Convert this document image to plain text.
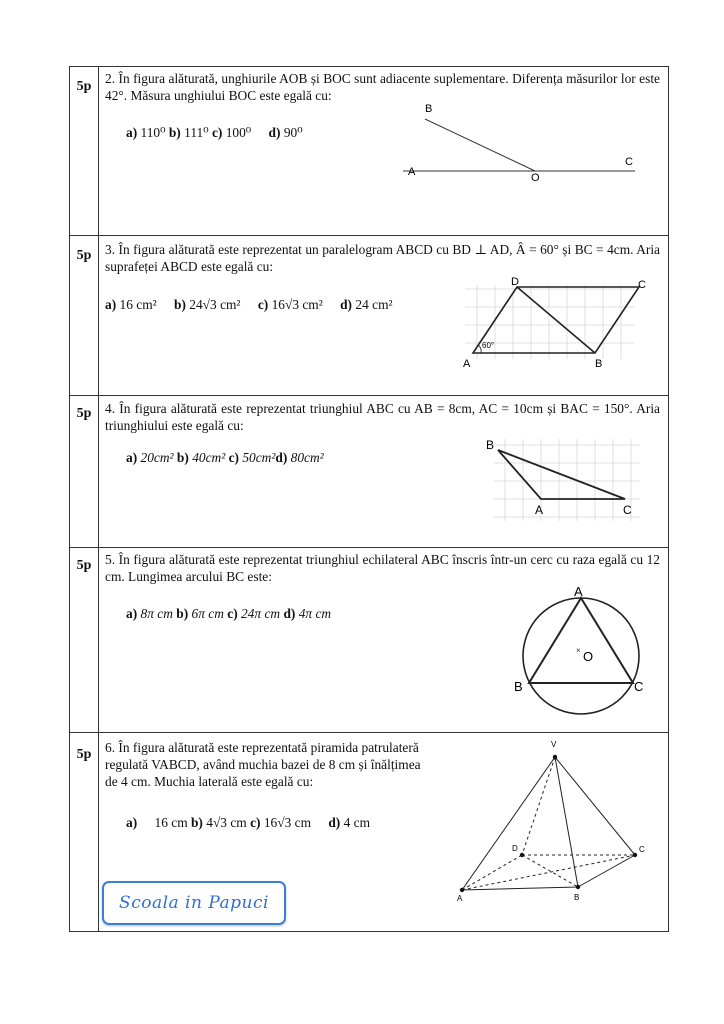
5p
2. În figura alăturată, unghiurile AOB și BOC sunt adiacente suplementare. Diferența măsurilor lor este 42°. Măsura unghiului BOC este egală cu:
a) 110⁰ b) 111⁰ c) 100⁰ d) 90⁰
B
A	O
C
5p	3. În figura alăturată este reprezentat un paralelogram ABCD cu BD ⊥ AD, Â = 60° și BC = 4cm. Aria suprafeței ABCD este egală cu:
a) 16 cm² b) 24√3 cm² c) 16√3 cm² d) 24 cm²
D	C
A	B
60°
5p	4. În figura alăturată este reprezentat triunghiul ABC cu AB = 8cm, AC = 10cm și BAC = 150°. Aria triunghiului este egală cu:
a) 20cm² b) 40cm² c) 50cm²d) 80cm²
B
A	C
5p	5. În figura alăturată este reprezentat triunghiul echilateral ABC înscris într-un cerc cu raza egală cu 12 cm. Lungimea arcului BC este:
a) 8π cm b) 6π cm c) 24π cm d) 4π cm
A
B	C
× O
5p	6. În figura alăturată este reprezentată piramida patrulateră regulată VABCD, având muchia bazei de 8 cm și înălțimea de 4 cm. Muchia laterală este egală cu:
a) 16 cm b) 4√3 cm c) 16√3 cm d) 4 cm
V
D	C
A	B
Scoala in Papuci
